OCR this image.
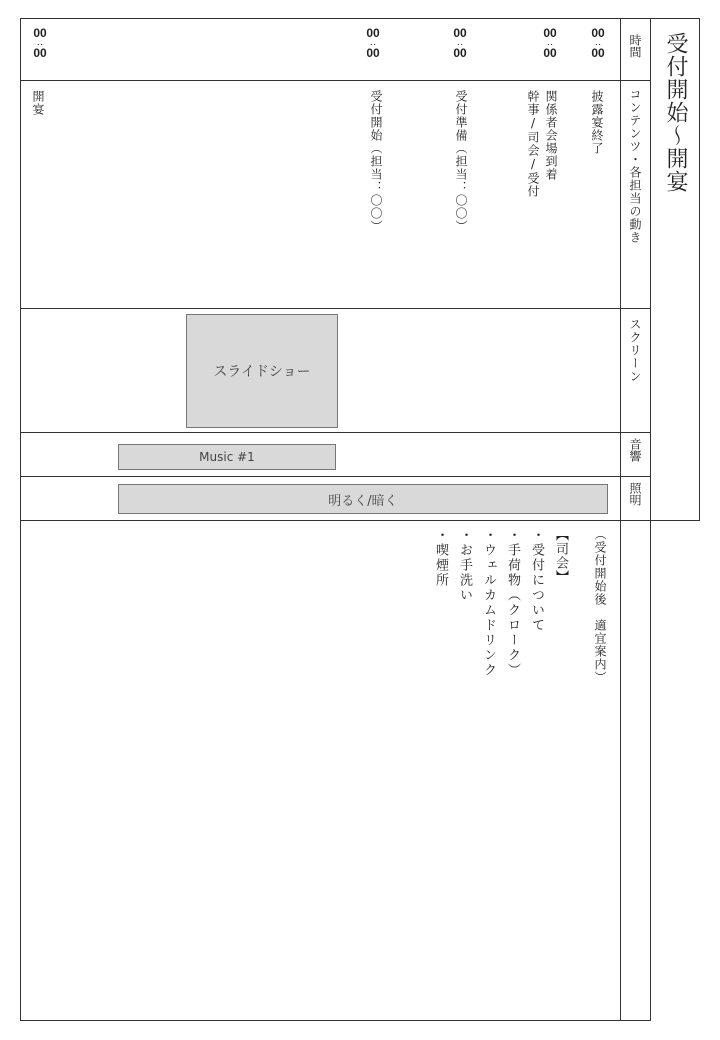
受付開始〜開宴
時間
コンテンツ・各担当の動き
スクリーン
音響
照明
00
‥
00
00
‥
00
00
‥
00
00
‥
00
00
‥
00
披露宴終了
関係者会場到着
幹事/司会/受付
受付準備（担当：〇〇）
受付開始（担当：〇〇）
開宴
スライドショー
Music #1
明るく/暗く
（受付開始後　適宜案内）
【司会】
・受付について
・手荷物（クローク）
・ウェルカムドリンク
・お手洗い
・喫煙所
